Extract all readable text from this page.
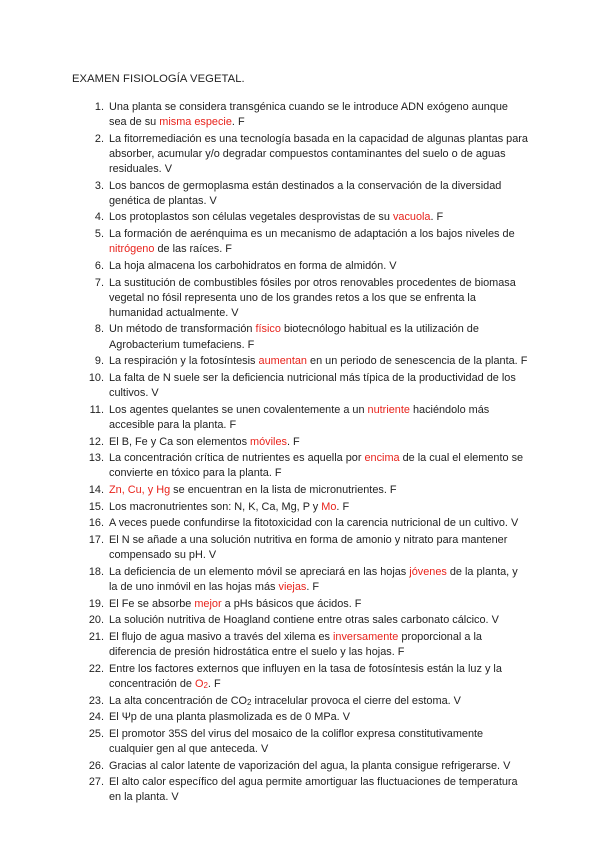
EXAMEN FISIOLOGÍA VEGETAL.
1. Una planta se considera transgénica cuando se le introduce ADN exógeno aunque sea de su misma especie. F
2. La fitorremediación es una tecnología basada en la capacidad de algunas plantas para absorber, acumular y/o degradar compuestos contaminantes del suelo o de aguas residuales. V
3. Los bancos de germoplasma están destinados a la conservación de la diversidad genética de plantas. V
4. Los protoplastos son células vegetales desprovistas de su vacuola. F
5. La formación de aerénquima es un mecanismo de adaptación a los bajos niveles de nitrógeno de las raíces. F
6. La hoja almacena los carbohidratos en forma de almidón. V
7. La sustitución de combustibles fósiles por otros renovables procedentes de biomasa vegetal no fósil representa uno de los grandes retos a los que se enfrenta la humanidad actualmente. V
8. Un método de transformación físico biotecnólogo habitual es la utilización de Agrobacterium tumefaciens. F
9. La respiración y la fotosíntesis aumentan en un periodo de senescencia de la planta. F
10. La falta de N suele ser la deficiencia nutricional más típica de la productividad de los cultivos. V
11. Los agentes quelantes se unen covalentemente a un nutriente haciéndolo más accesible para la planta. F
12. El B, Fe y Ca son elementos móviles. F
13. La concentración crítica de nutrientes es aquella por encima de la cual el elemento se convierte en tóxico para la planta. F
14. Zn, Cu, y Hg se encuentran en la lista de micronutrientes. F
15. Los macronutrientes son: N, K, Ca, Mg, P y Mo. F
16. A veces puede confundirse la fitotoxicidad con la carencia nutricional de un cultivo. V
17. El N se añade a una solución nutritiva en forma de amonio y nitrato para mantener compensado su pH. V
18. La deficiencia de un elemento móvil se apreciará en las hojas jóvenes de la planta, y la de uno inmóvil en las hojas más viejas. F
19. El Fe se absorbe mejor a pHs básicos que ácidos. F
20. La solución nutritiva de Hoagland contiene entre otras sales carbonato cálcico. V
21. El flujo de agua masivo a través del xilema es inversamente proporcional a la diferencia de presión hidrostática entre el suelo y las hojas. F
22. Entre los factores externos que influyen en la tasa de fotosíntesis están la luz y la concentración de $O_2$. F
23. La alta concentración de $CO_2$ intracelular provoca el cierre del estoma. V
24. El Ψp de una planta plasmolizada es de 0 MPa. V
25. El promotor 35S del virus del mosaico de la coliflor expresa constitutivamente cualquier gen al que anteceda. V
26. Gracias al calor latente de vaporización del agua, la planta consigue refrigerarse. V
27. El alto calor específico del agua permite amortiguar las fluctuaciones de temperatura en la planta. V
